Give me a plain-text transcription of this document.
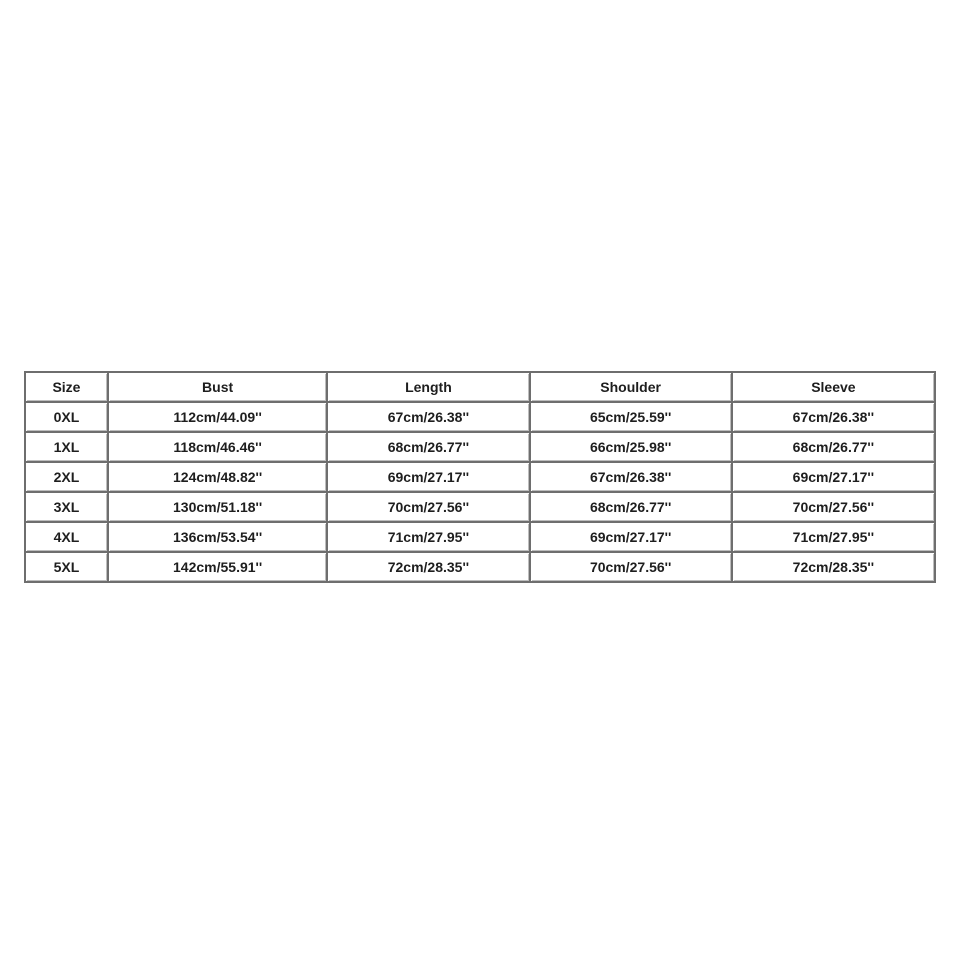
Size	Bust	Length	Shoulder	Sleeve
0XL	112cm/44.09''	67cm/26.38''	65cm/25.59''	67cm/26.38''
1XL	118cm/46.46''	68cm/26.77''	66cm/25.98''	68cm/26.77''
2XL	124cm/48.82''	69cm/27.17''	67cm/26.38''	69cm/27.17''
3XL	130cm/51.18''	70cm/27.56''	68cm/26.77''	70cm/27.56''
4XL	136cm/53.54''	71cm/27.95''	69cm/27.17''	71cm/27.95''
5XL	142cm/55.91''	72cm/28.35''	70cm/27.56''	72cm/28.35''
